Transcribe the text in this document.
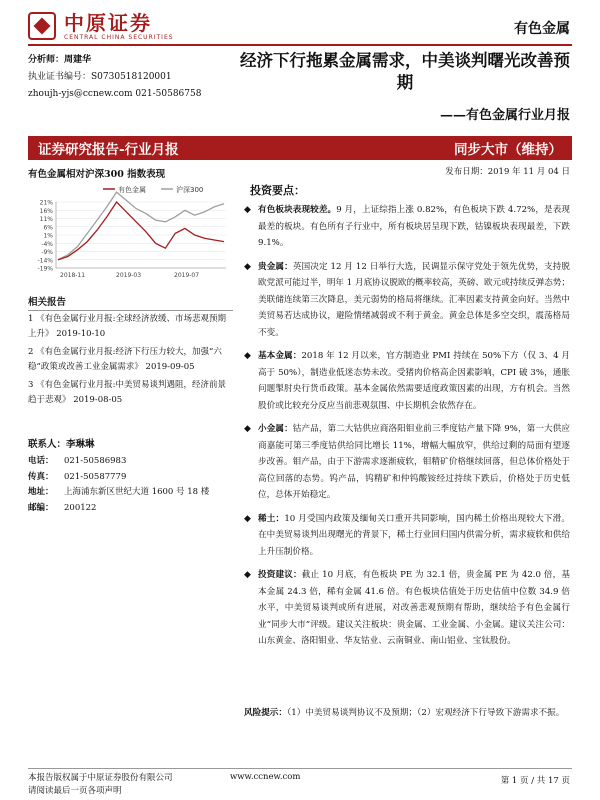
中原证券
CENTRAL CHINA SECURITIES	有色金属
分析师：周建华
执业证书编号：S0730518120001
zhoujh-yjs@ccnew.com 021-50586758
经济下行拖累金属需求，中美谈判曙光改善预期
——有色金属行业月报
证券研究报告-行业月报	同步大市（维持）
有色金属相对沪深300 指数表现	发布日期：2019 年 11 月 04 日
有色金属	沪深300
21%
16%
11%
6%
1%
-4%
-9%
-14%
-19%
2018-11	2019-03	2019-07
相关报告
1 《有色金属行业月报:全球经济放缓、市场悲观预期上升》 2019-10-10
2 《有色金属行业月报:经济下行压力较大，加强“六稳”政策或改善工业金属需求》 2019-09-05
3 《有色金属行业月报:中美贸易谈判遇阻，经济前景趋于悲观》 2019-08-05
联系人：李琳琳
电话：	021-50586983
传真：	021-50587779
地址：	上海浦东新区世纪大道 1600 号 18 楼
邮编：	200122
投资要点：
◆ 有色板块表现较差。9 月，上证综指上涨 0.82%，有色板块下跌 4.72%，是表现最差的板块。有色所有子行业中，所有板块居呈现下跌，钴镍板块表现最差，下跌 9.1%。
◆ 贵金属：英国决定 12 月 12 日举行大选，民调显示保守党处于领先优势，支持脱欧党派可能过半，明年 1 月底协议脱欧的概率较高，英磅、欧元或持续反弹态势；美联储连续第三次降息，美元弱势的格局将继续。汇率因素支持黄金向好。当然中美贸易若达成协议，避险情绪减弱或不利于黄金。黄金总体是多空交织，震荡格局不变。
◆ 基本金属：2018 年 12 月以来，官方制造业 PMI 持续在 50%下方（仅 3、4 月高于 50%），制造业低迷态势未改。受猪肉价格高企因素影响，CPI 破 3%，通胀问题掣肘央行货币政策。基本金属依然需要适度政策因素的出现，方有机会。当然股价或比较充分反应当前悲观氛围、中长期机会依然存在。
◆ 小金属：钴产品，第二大钴供应商洛阳钼业前三季度钴产量下降 9%，第一大供应商嘉能可第三季度钴供给同比增长 11%，增幅大幅放窄，供给过剩的局面有望逐步改善。钼产品，由于下游需求逐渐疲软，钼精矿价格继续回落，但总体价格处于高位回落的态势。钨产品，钨精矿和仲钨酸铵经过持续下跌后，价格处于历史低位，总体开始稳定。
◆ 稀土：10 月受国内政策及缅甸关口重开共同影响，国内稀土价格出现较大下滑。在中美贸易谈判出现曙光的背景下，稀土行业回归国内供需分析，需求疲软和供给上升压制价格。
◆ 投资建议：截止 10 月底，有色板块 PE 为 32.1 倍，贵金属 PE 为 42.0 倍，基本金属 24.3 倍，稀有金属 41.6 倍。有色板块估值处于历史估值中位数 34.9 倍水平，中美贸易谈判或所有进展，对改善悲观预期有帮助，继续给予有色金属行业“同步大市”评级。建议关注板块：贵金属、工业金属、小金属。建议关注公司：山东黄金、洛阳钼业、华友钴业、云南铜业、南山铝业、宝钛股份。
风险提示：（1）中美贸易谈判协议不及预期；（2）宏观经济下行导致下游需求不振。
本报告版权属于中原证券股份有限公司
请阅读最后一页各项声明
www.ccnew.com	第 1 页 / 共 17 页
